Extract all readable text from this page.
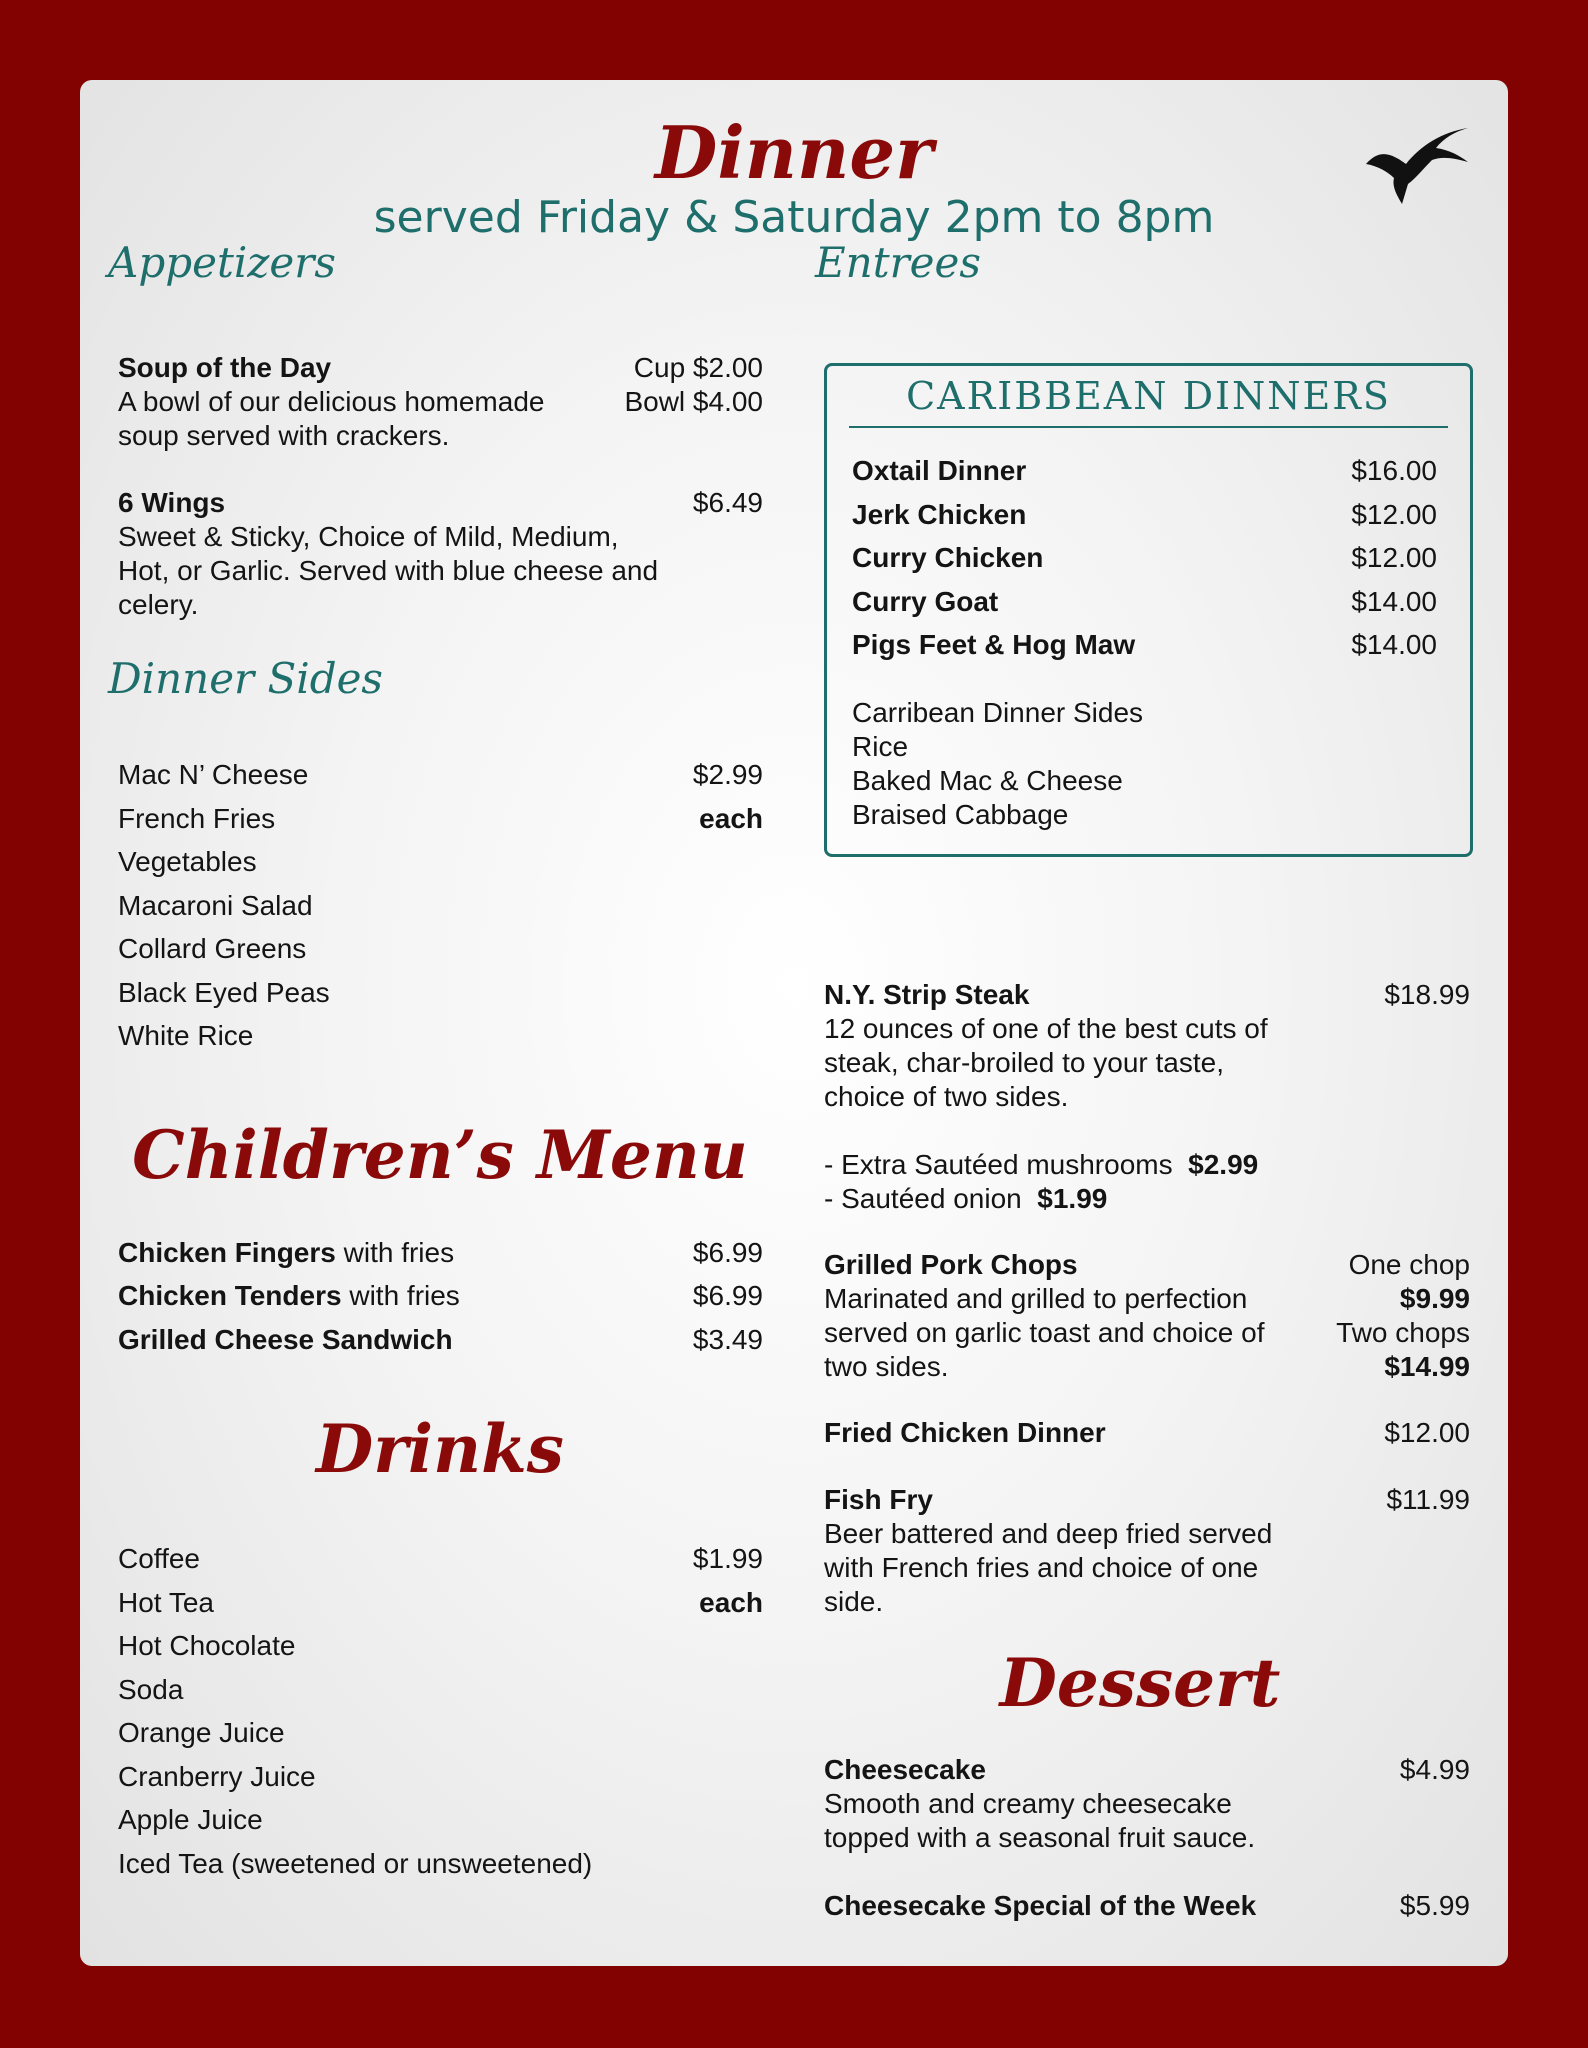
Dinner
served Friday & Saturday 2pm to 8pm
Appetizers
Soup of the Day	Cup $2.00
A bowl of our delicious homemade	Bowl $4.00
soup served with crackers.
6 Wings	$6.49
Sweet & Sticky, Choice of Mild, Medium,
Hot, or Garlic. Served with blue cheese and
celery.
Dinner Sides
$2.99
each
Mac N’ Cheese
French Fries
Vegetables
Macaroni Salad
Collard Greens
Black Eyed Peas
White Rice
Children’s Menu
Chicken Fingers with fries	$6.99
Chicken Tenders with fries	$6.99
Grilled Cheese Sandwich	$3.49
Drinks
$1.99
each
Coffee
Hot Tea
Hot Chocolate
Soda
Orange Juice
Cranberry Juice
Apple Juice
Iced Tea (sweetened or unsweetened)
Entrees
CARIBBEAN DINNERS
Oxtail Dinner	$16.00
Jerk Chicken	$12.00
Curry Chicken	$12.00
Curry Goat	$14.00
Pigs Feet & Hog Maw	$14.00
Carribean Dinner Sides
Rice
Baked Mac & Cheese
Braised Cabbage
N.Y. Strip Steak	$18.99
12 ounces of one of the best cuts of
steak, char-broiled to your taste,
choice of two sides.
- Extra Sautéed mushrooms $2.99
- Sautéed onion $1.99
Grilled Pork Chops
Marinated and grilled to perfection
served on garlic toast and choice of
two sides.
One chop
$9.99
Two chops
$14.99
Fried Chicken Dinner	$12.00
Fish Fry	$11.99
Beer battered and deep fried served
with French fries and choice of one
side.
Dessert
Cheesecake	$4.99
Smooth and creamy cheesecake
topped with a seasonal fruit sauce.
Cheesecake Special of the Week	$5.99
